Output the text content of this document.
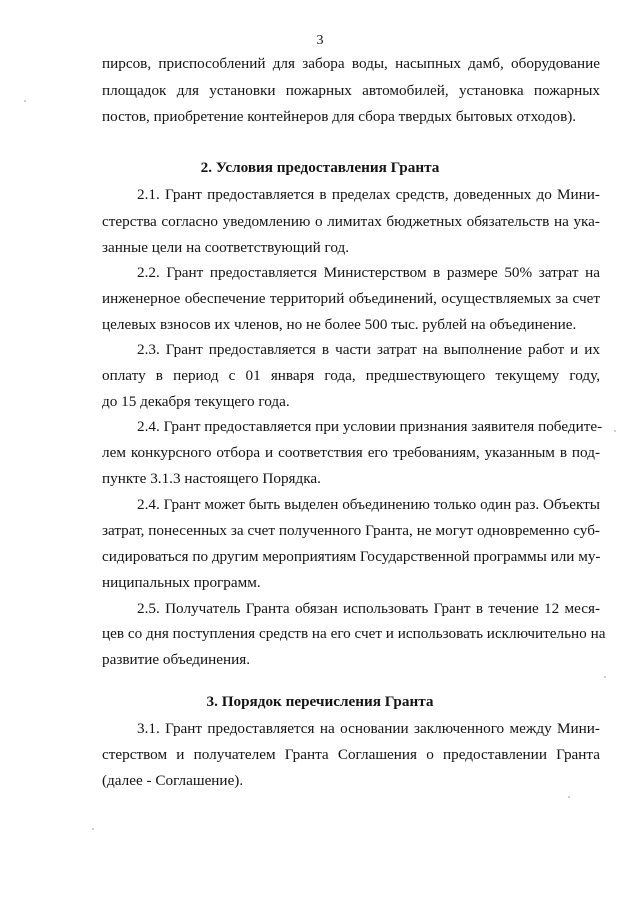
3
пирсов, приспособлений для забора воды, насыпных дамб, оборудование
площадок для установки пожарных автомобилей, установка пожарных
постов, приобретение контейнеров для сбора твердых бытовых отходов).
2. Условия предоставления Гранта
2.1. Грант предоставляется в пределах средств, доведенных до Мини-
стерства согласно уведомлению о лимитах бюджетных обязательств на ука-
занные цели на соответствующий год.
2.2. Грант предоставляется Министерством в размере 50% затрат на
инженерное обеспечение территорий объединений, осуществляемых за счет
целевых взносов их членов, но не более 500 тыс. рублей на объединение.
2.3. Грант предоставляется в части затрат на выполнение работ и их
оплату в период с 01 января года, предшествующего текущему году,
до 15 декабря текущего года.
2.4. Грант предоставляется при условии признания заявителя победите-
лем конкурсного отбора и соответствия его требованиям, указанным в под-
пункте 3.1.3 настоящего Порядка.
2.4. Грант может быть выделен объединению только один раз. Объекты
затрат, понесенных за счет полученного Гранта, не могут одновременно суб-
сидироваться по другим мероприятиям Государственной программы или му-
ниципальных программ.
2.5. Получатель Гранта обязан использовать Грант в течение 12 меся-
цев со дня поступления средств на его счет и использовать исключительно на
развитие объединения.
3. Порядок перечисления Гранта
3.1. Грант предоставляется на основании заключенного между Мини-
стерством и получателем Гранта Соглашения о предоставлении Гранта
(далее - Соглашение).
